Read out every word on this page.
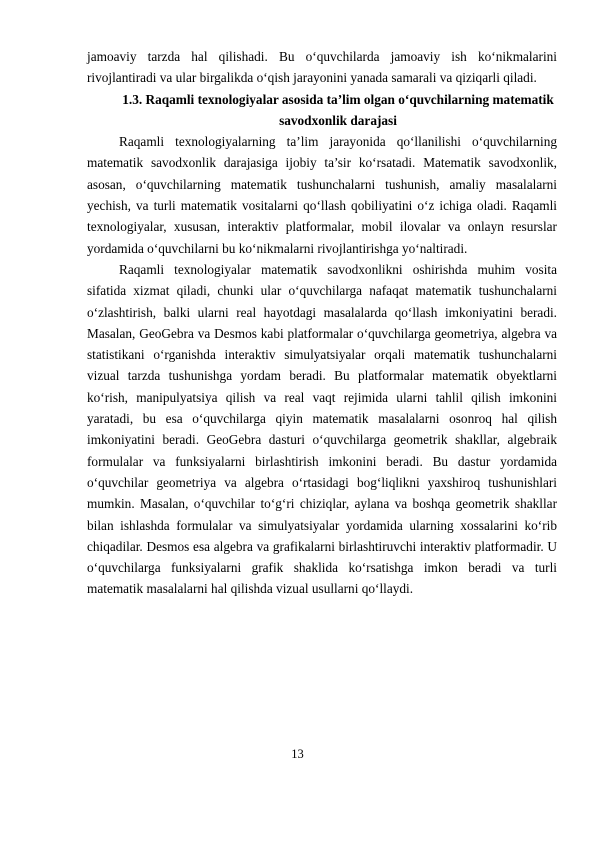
jamoaviy tarzda hal qilishadi. Bu o‘quvchilarda jamoaviy ish ko‘nikmalarini rivojlantiradi va ular birgalikda o‘qish jarayonini yanada samarali va qiziqarli qiladi.

1.3. Raqamli texnologiyalar asosida ta’lim olgan o‘quvchilarning matematik savodxonlik darajasi

Raqamli texnologiyalarning ta’lim jarayonida qo‘llanilishi o‘quvchilarning matematik savodxonlik darajasiga ijobiy ta’sir ko‘rsatadi. Matematik savodxonlik, asosan, o‘quvchilarning matematik tushunchalarni tushunish, amaliy masalalarni yechish, va turli matematik vositalarni qo‘llash qobiliyatini o‘z ichiga oladi. Raqamli texnologiyalar, xususan, interaktiv platformalar, mobil ilovalar va onlayn resurslar yordamida o‘quvchilarni bu ko‘nikmalarni rivojlantirishga yo‘naltiradi.

Raqamli texnologiyalar matematik savodxonlikni oshirishda muhim vosita sifatida xizmat qiladi, chunki ular o‘quvchilarga nafaqat matematik tushunchalarni o‘zlashtirish, balki ularni real hayotdagi masalalarda qo‘llash imkoniyatini beradi. Masalan, GeoGebra va Desmos kabi platformalar o‘quvchilarga geometriya, algebra va statistikani o‘rganishda interaktiv simulyatsiyalar orqali matematik tushunchalarni vizual tarzda tushunishga yordam beradi. Bu platformalar matematik obyektlarni ko‘rish, manipulyatsiya qilish va real vaqt rejimida ularni tahlil qilish imkonini yaratadi, bu esa o‘quvchilarga qiyin matematik masalalarni osonroq hal qilish imkoniyatini beradi. GeoGebra dasturi o‘quvchilarga geometrik shakllar, algebraik formulalar va funksiyalarni birlashtirish imkonini beradi. Bu dastur yordamida o‘quvchilar geometriya va algebra o‘rtasidagi bog‘liqlikni yaxshiroq tushunishlari mumkin. Masalan, o‘quvchilar to‘g‘ri chiziqlar, aylana va boshqa geometrik shakllar bilan ishlashda formulalar va simulyatsiyalar yordamida ularning xossalarini ko‘rib chiqadilar. Desmos esa algebra va grafikalarni birlashtiruvchi interaktiv platformadir. U o‘quvchilarga funksiyalarni grafik shaklida ko‘rsatishga imkon beradi va turli matematik masalalarni hal qilishda vizual usullarni qo‘llaydi.

13
